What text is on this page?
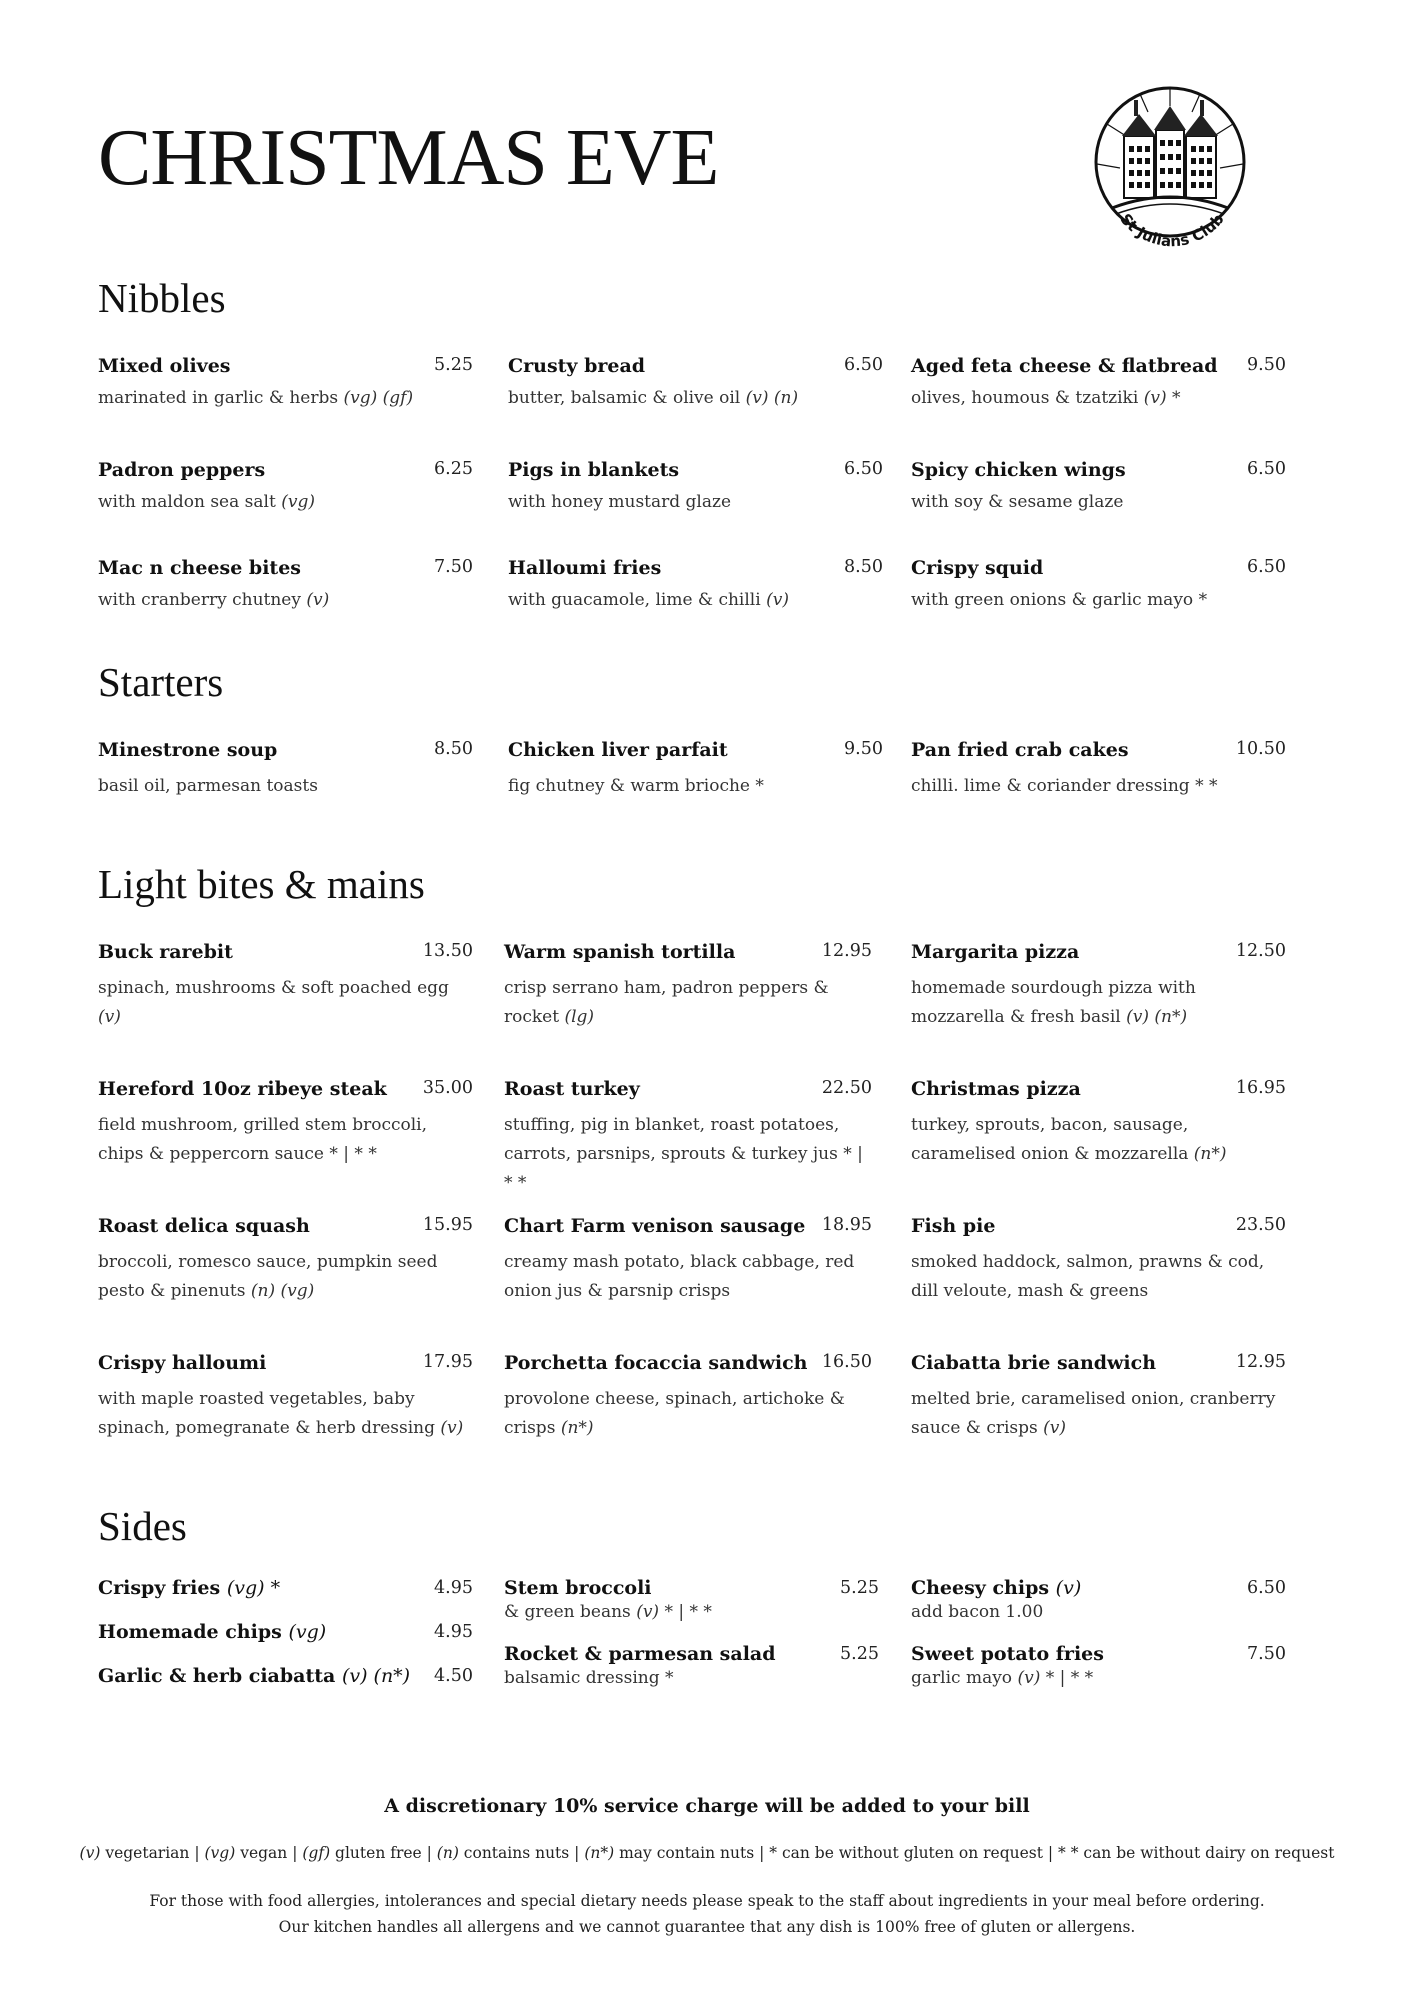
CHRISTMAS EVE
St Julians Club
Nibbles
Mixed olives	5.25
marinated in garlic & herbs (vg) (gf)
Crusty bread	6.50
butter, balsamic & olive oil (v) (n)
Aged feta cheese & flatbread	9.50
olives, houmous & tzatziki (v) *
Padron peppers	6.25
with maldon sea salt (vg)
Pigs in blankets	6.50
with honey mustard glaze
Spicy chicken wings	6.50
with soy & sesame glaze
Mac n cheese bites	7.50
with cranberry chutney (v)
Halloumi fries	8.50
with guacamole, lime & chilli (v)
Crispy squid	6.50
with green onions & garlic mayo *
Starters
Minestrone soup	8.50
basil oil, parmesan toasts
Chicken liver parfait	9.50
fig chutney & warm brioche *
Pan fried crab cakes	10.50
chilli. lime & coriander dressing * *
Light bites & mains
Buck rarebit	13.50
spinach, mushrooms & soft poached egg (v)
Warm spanish tortilla	12.95
crisp serrano ham, padron peppers & rocket (lg)
Margarita pizza	12.50
homemade sourdough pizza with mozzarella & fresh basil (v) (n*)
Hereford 10oz ribeye steak	35.00
field mushroom, grilled stem broccoli, chips & peppercorn sauce * | * *
Roast turkey	22.50
stuffing, pig in blanket, roast potatoes, carrots, parsnips, sprouts & turkey jus * | * *
Christmas pizza	16.95
turkey, sprouts, bacon, sausage, caramelised onion & mozzarella (n*)
Roast delica squash	15.95
broccoli, romesco sauce, pumpkin seed pesto & pinenuts (n) (vg)
Chart Farm venison sausage 18.95
creamy mash potato, black cabbage, red onion jus & parsnip crisps
Fish pie	23.50
smoked haddock, salmon, prawns & cod, dill veloute, mash & greens
Crispy halloumi	17.95
with maple roasted vegetables, baby spinach, pomegranate & herb dressing (v)
Porchetta focaccia sandwich 16.50
provolone cheese, spinach, artichoke & crisps (n*)
Ciabatta brie sandwich	12.95
melted brie, caramelised onion, cranberry sauce & crisps (v)
Sides
Crispy fries (vg) *	4.95
Homemade chips (vg)	4.95
Garlic & herb ciabatta (v) (n*)	4.50
Stem broccoli	5.25
& green beans (v) * | * *
Rocket & parmesan salad	5.25
balsamic dressing *
Cheesy chips (v)	6.50
add bacon 1.00
Sweet potato fries	7.50
garlic mayo (v) * | * *
A discretionary 10% service charge will be added to your bill
(v) vegetarian | (vg) vegan | (gf) gluten free | (n) contains nuts | (n*) may contain nuts | * can be without gluten on request | * * can be without dairy on request
For those with food allergies, intolerances and special dietary needs please speak to the staff about ingredients in your meal before ordering.
Our kitchen handles all allergens and we cannot guarantee that any dish is 100% free of gluten or allergens.
